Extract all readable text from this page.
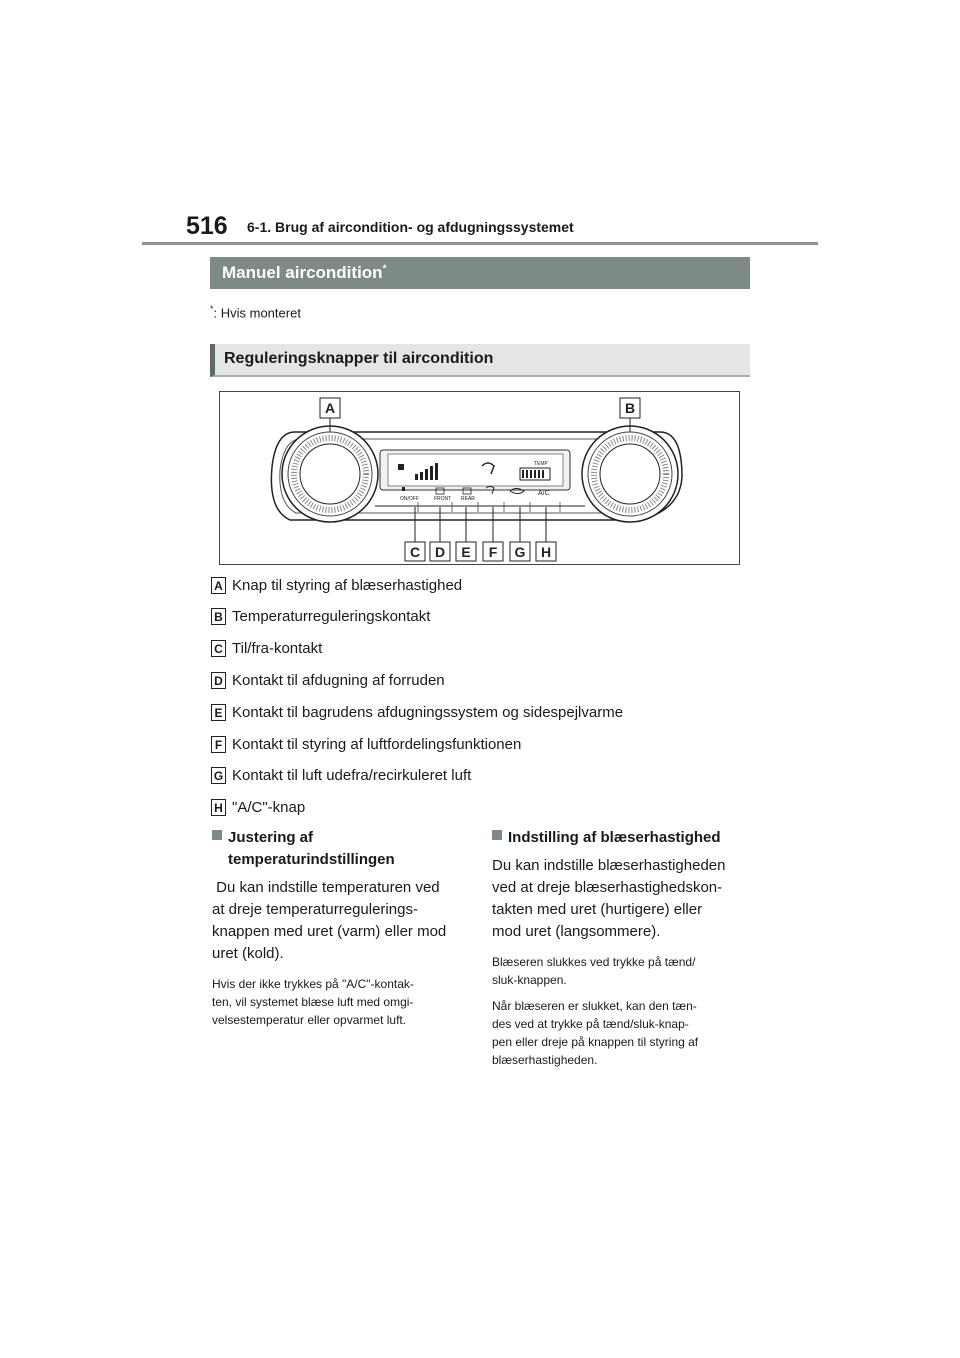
516 6-1. Brug af aircondition- og afdugningssystemet
Manuel aircondition*
*: Hvis monteret
Reguleringsknapper til aircondition
TEMP
ON/OFF	FRONT REAR
A/C
A	B
C D E F G H
A Knap til styring af blæserhastighed
B Temperaturreguleringskontakt
C Til/fra-kontakt
D Kontakt til afdugning af forruden
E Kontakt til bagrudens afdugningssystem og sidespejlvarme
F Kontakt til styring af luftfordelingsfunktionen
G Kontakt til luft udefra/recirkuleret luft
H "A/C"-knap
Justering af
temperaturindstillingen
Du kan indstille temperaturen ved
at dreje temperaturregulerings-
knappen med uret (varm) eller mod
uret (kold).
Hvis der ikke trykkes på "A/C"-kontak-
ten, vil systemet blæse luft med omgi-
velsestemperatur eller opvarmet luft.
Indstilling af blæserhastighed
Du kan indstille blæserhastigheden
ved at dreje blæserhastighedskon-
takten med uret (hurtigere) eller
mod uret (langsommere).
Blæseren slukkes ved trykke på tænd/
sluk-knappen.
Når blæseren er slukket, kan den tæn-
des ved at trykke på tænd/sluk-knap-
pen eller dreje på knappen til styring af
blæserhastigheden.
